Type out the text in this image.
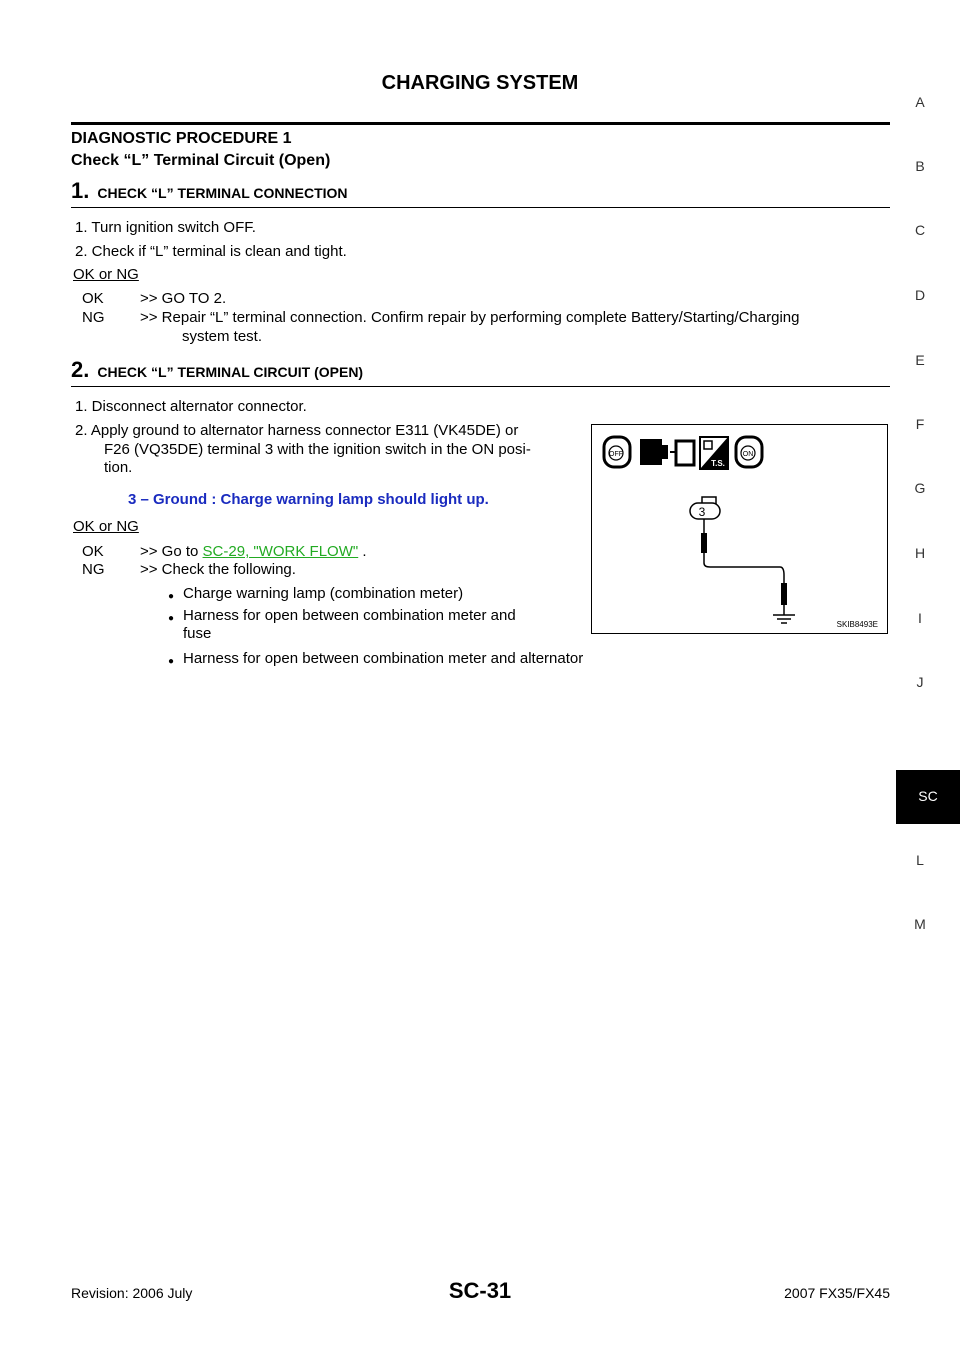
CHARGING SYSTEM
DIAGNOSTIC PROCEDURE 1
Check “L” Terminal Circuit (Open)
1. CHECK “L” TERMINAL CONNECTION
1. Turn ignition switch OFF.
2. Check if “L” terminal is clean and tight.
OK or NG
OK >> GO TO 2.
NG >> Repair “L” terminal connection. Confirm repair by performing complete Battery/Starting/Charging
system test.
2. CHECK “L” TERMINAL CIRCUIT (OPEN)
1. Disconnect alternator connector.
2. Apply ground to alternator harness connector E311 (VK45DE) or
F26 (VQ35DE) terminal 3 with the ignition switch in the ON posi-
tion.
OFF
T.S.
ON
3
SKIB8493E
3 – Ground : Charge warning lamp should light up.
OK or NG
OK >> Go to SC-29, "WORK FLOW" .
NG >> Check the following.
● Charge warning lamp (combination meter)
● Harness for open between combination meter and
fuse
● Harness for open between combination meter and alternator
A
B
C
D
E
F
G
H
I
J
SC
L
M
Revision: 2006 July	SC-31	2007 FX35/FX45
